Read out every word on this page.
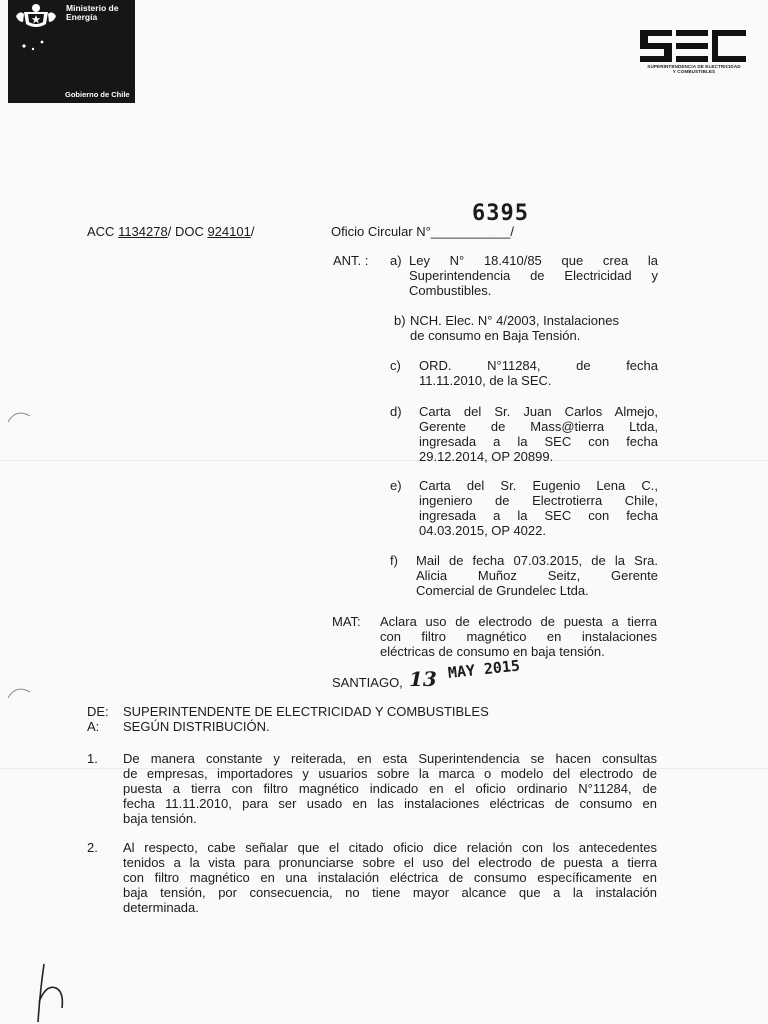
Ministerio de Energía
Gobierno de Chile
SUPERINTENDENCIA DE ELECTRICIDAD
Y COMBUSTIBLES
ACC 1134278/ DOC 924101/	Oficio Circular N°___________/
6395
ANT. : a) Ley N° 18.410/85 que crea la
Superintendencia de Electricidad y
Combustibles.
b) NCH. Elec. N° 4/2003, Instalaciones
de consumo en Baja Tensión.
c) ORD. N°11284, de fecha
11.11.2010, de la SEC.
d) Carta del Sr. Juan Carlos Almejo,
Gerente de Mass@tierra Ltda,
ingresada a la SEC con fecha
29.12.2014, OP 20899.
e) Carta del Sr. Eugenio Lena C.,
ingeniero de Electrotierra Chile,
ingresada a la SEC con fecha
04.03.2015, OP 4022.
f) Mail de fecha 07.03.2015, de la Sra.
Alicia Muñoz Seitz, Gerente
Comercial de Grundelec Ltda.
MAT: Aclara uso de electrodo de puesta a tierra
con filtro magnético en instalaciones
eléctricas de consumo en baja tensión.
SANTIAGO, 13 MAY 2015
DE: SUPERINTENDENTE DE ELECTRICIDAD Y COMBUSTIBLES
A: SEGÚN DISTRIBUCIÓN.
1. De manera constante y reiterada, en esta Superintendencia se hacen consultas
de empresas, importadores y usuarios sobre la marca o modelo del electrodo de
puesta a tierra con filtro magnético indicado en el oficio ordinario N°11284, de
fecha 11.11.2010, para ser usado en las instalaciones eléctricas de consumo en
baja tensión.
2. Al respecto, cabe señalar que el citado oficio dice relación con los antecedentes
tenidos a la vista para pronunciarse sobre el uso del electrodo de puesta a tierra
con filtro magnético en una instalación eléctrica de consumo específicamente en
baja tensión, por consecuencia, no tiene mayor alcance que a la instalación
determinada.
